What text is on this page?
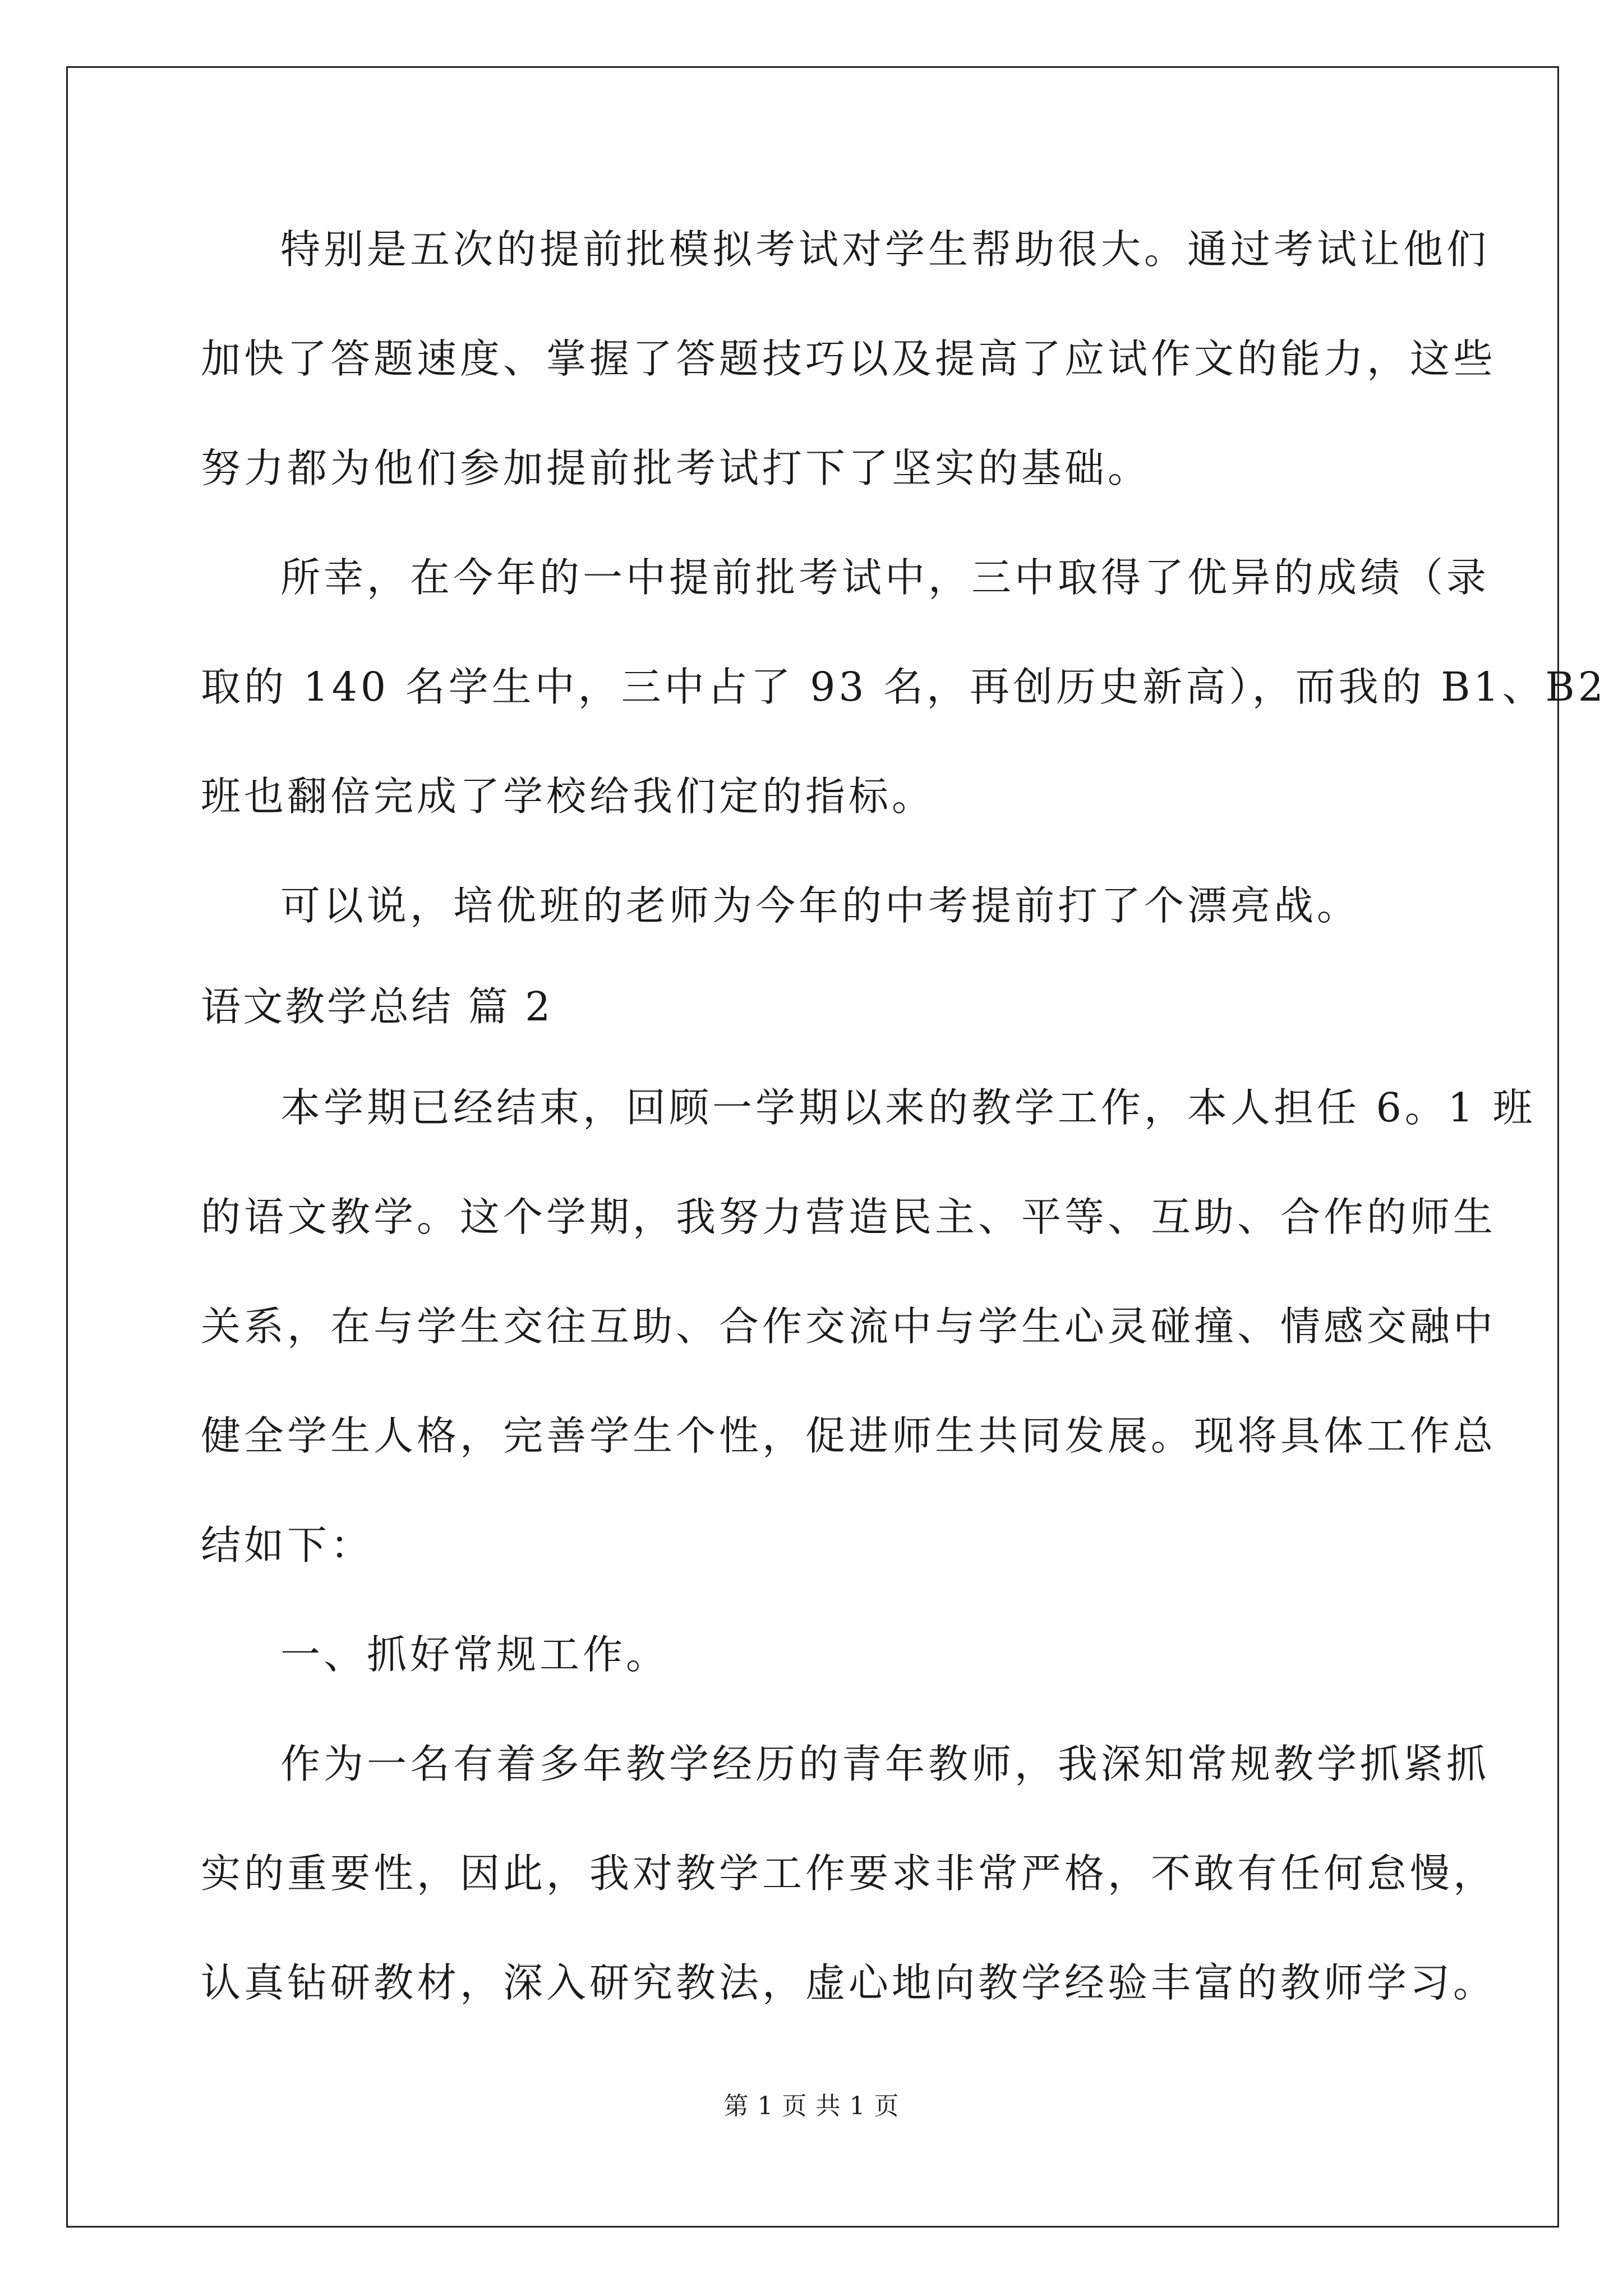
特别是五次的提前批模拟考试对学生帮助很大。通过考试让他们
加快了答题速度、掌握了答题技巧以及提高了应试作文的能力，这些
努力都为他们参加提前批考试打下了坚实的基础。
所幸，在今年的一中提前批考试中，三中取得了优异的成绩（录
取的 140 名学生中，三中占了 93 名，再创历史新高），而我的 B1、B2
班也翻倍完成了学校给我们定的指标。
可以说，培优班的老师为今年的中考提前打了个漂亮战。
语文教学总结 篇 2
本学期已经结束，回顾一学期以来的教学工作，本人担任 6。1 班
的语文教学。这个学期，我努力营造民主、平等、互助、合作的师生
关系，在与学生交往互助、合作交流中与学生心灵碰撞、情感交融中
健全学生人格，完善学生个性，促进师生共同发展。现将具体工作总
结如下：
一、抓好常规工作。
作为一名有着多年教学经历的青年教师，我深知常规教学抓紧抓
实的重要性，因此，我对教学工作要求非常严格，不敢有任何怠慢，
认真钻研教材，深入研究教法，虚心地向教学经验丰富的教师学习。
第 1 页 共 1 页
